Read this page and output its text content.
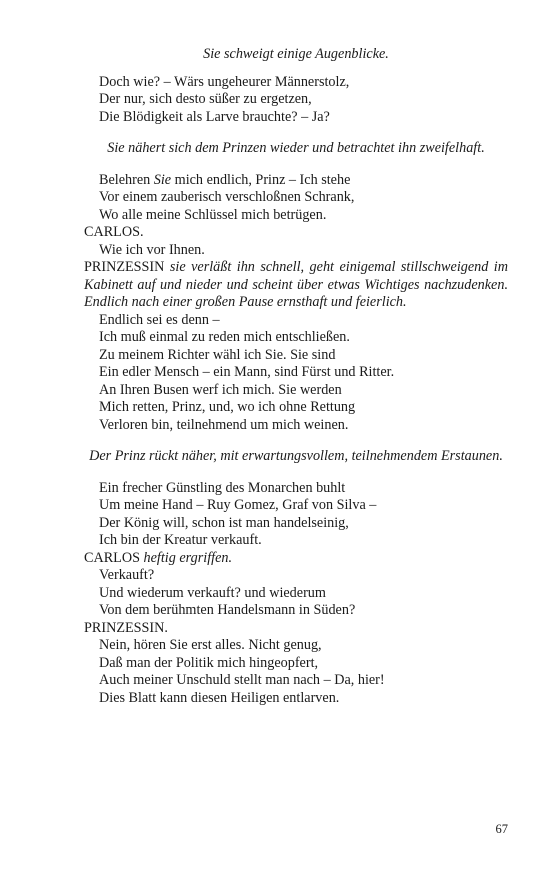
Sie schweigt einige Augenblicke.
Doch wie? – Wärs ungeheurer Männerstolz,
Der nur, sich desto süßer zu ergetzen,
Die Blödigkeit als Larve brauchte? – Ja?
Sie nähert sich dem Prinzen wieder und betrachtet ihn zweifelhaft.
Belehren Sie mich endlich, Prinz – Ich stehe
Vor einem zauberisch verschloßnen Schrank,
Wo alle meine Schlüssel mich betrügen.
CARLOS.
Wie ich vor Ihnen.
PRINZESSIN sie verläßt ihn schnell, geht einigemal stillschweigend im Kabinett auf und nieder und scheint über etwas Wichtiges nachzudenken. Endlich nach einer großen Pause ernsthaft und feierlich.
Endlich sei es denn –
Ich muß einmal zu reden mich entschließen.
Zu meinem Richter wähl ich Sie. Sie sind
Ein edler Mensch – ein Mann, sind Fürst und Ritter.
An Ihren Busen werf ich mich. Sie werden
Mich retten, Prinz, und, wo ich ohne Rettung
Verloren bin, teilnehmend um mich weinen.
Der Prinz rückt näher, mit erwartungsvollem, teilnehmendem Erstaunen.
Ein frecher Günstling des Monarchen buhlt
Um meine Hand – Ruy Gomez, Graf von Silva –
Der König will, schon ist man handelseinig,
Ich bin der Kreatur verkauft.
CARLOS heftig ergriffen.
Verkauft?
Und wiederum verkauft? und wiederum
Von dem berühmten Handelsmann in Süden?
PRINZESSIN.
Nein, hören Sie erst alles. Nicht genug,
Daß man der Politik mich hingeopfert,
Auch meiner Unschuld stellt man nach – Da, hier!
Dies Blatt kann diesen Heiligen entlarven.
67
